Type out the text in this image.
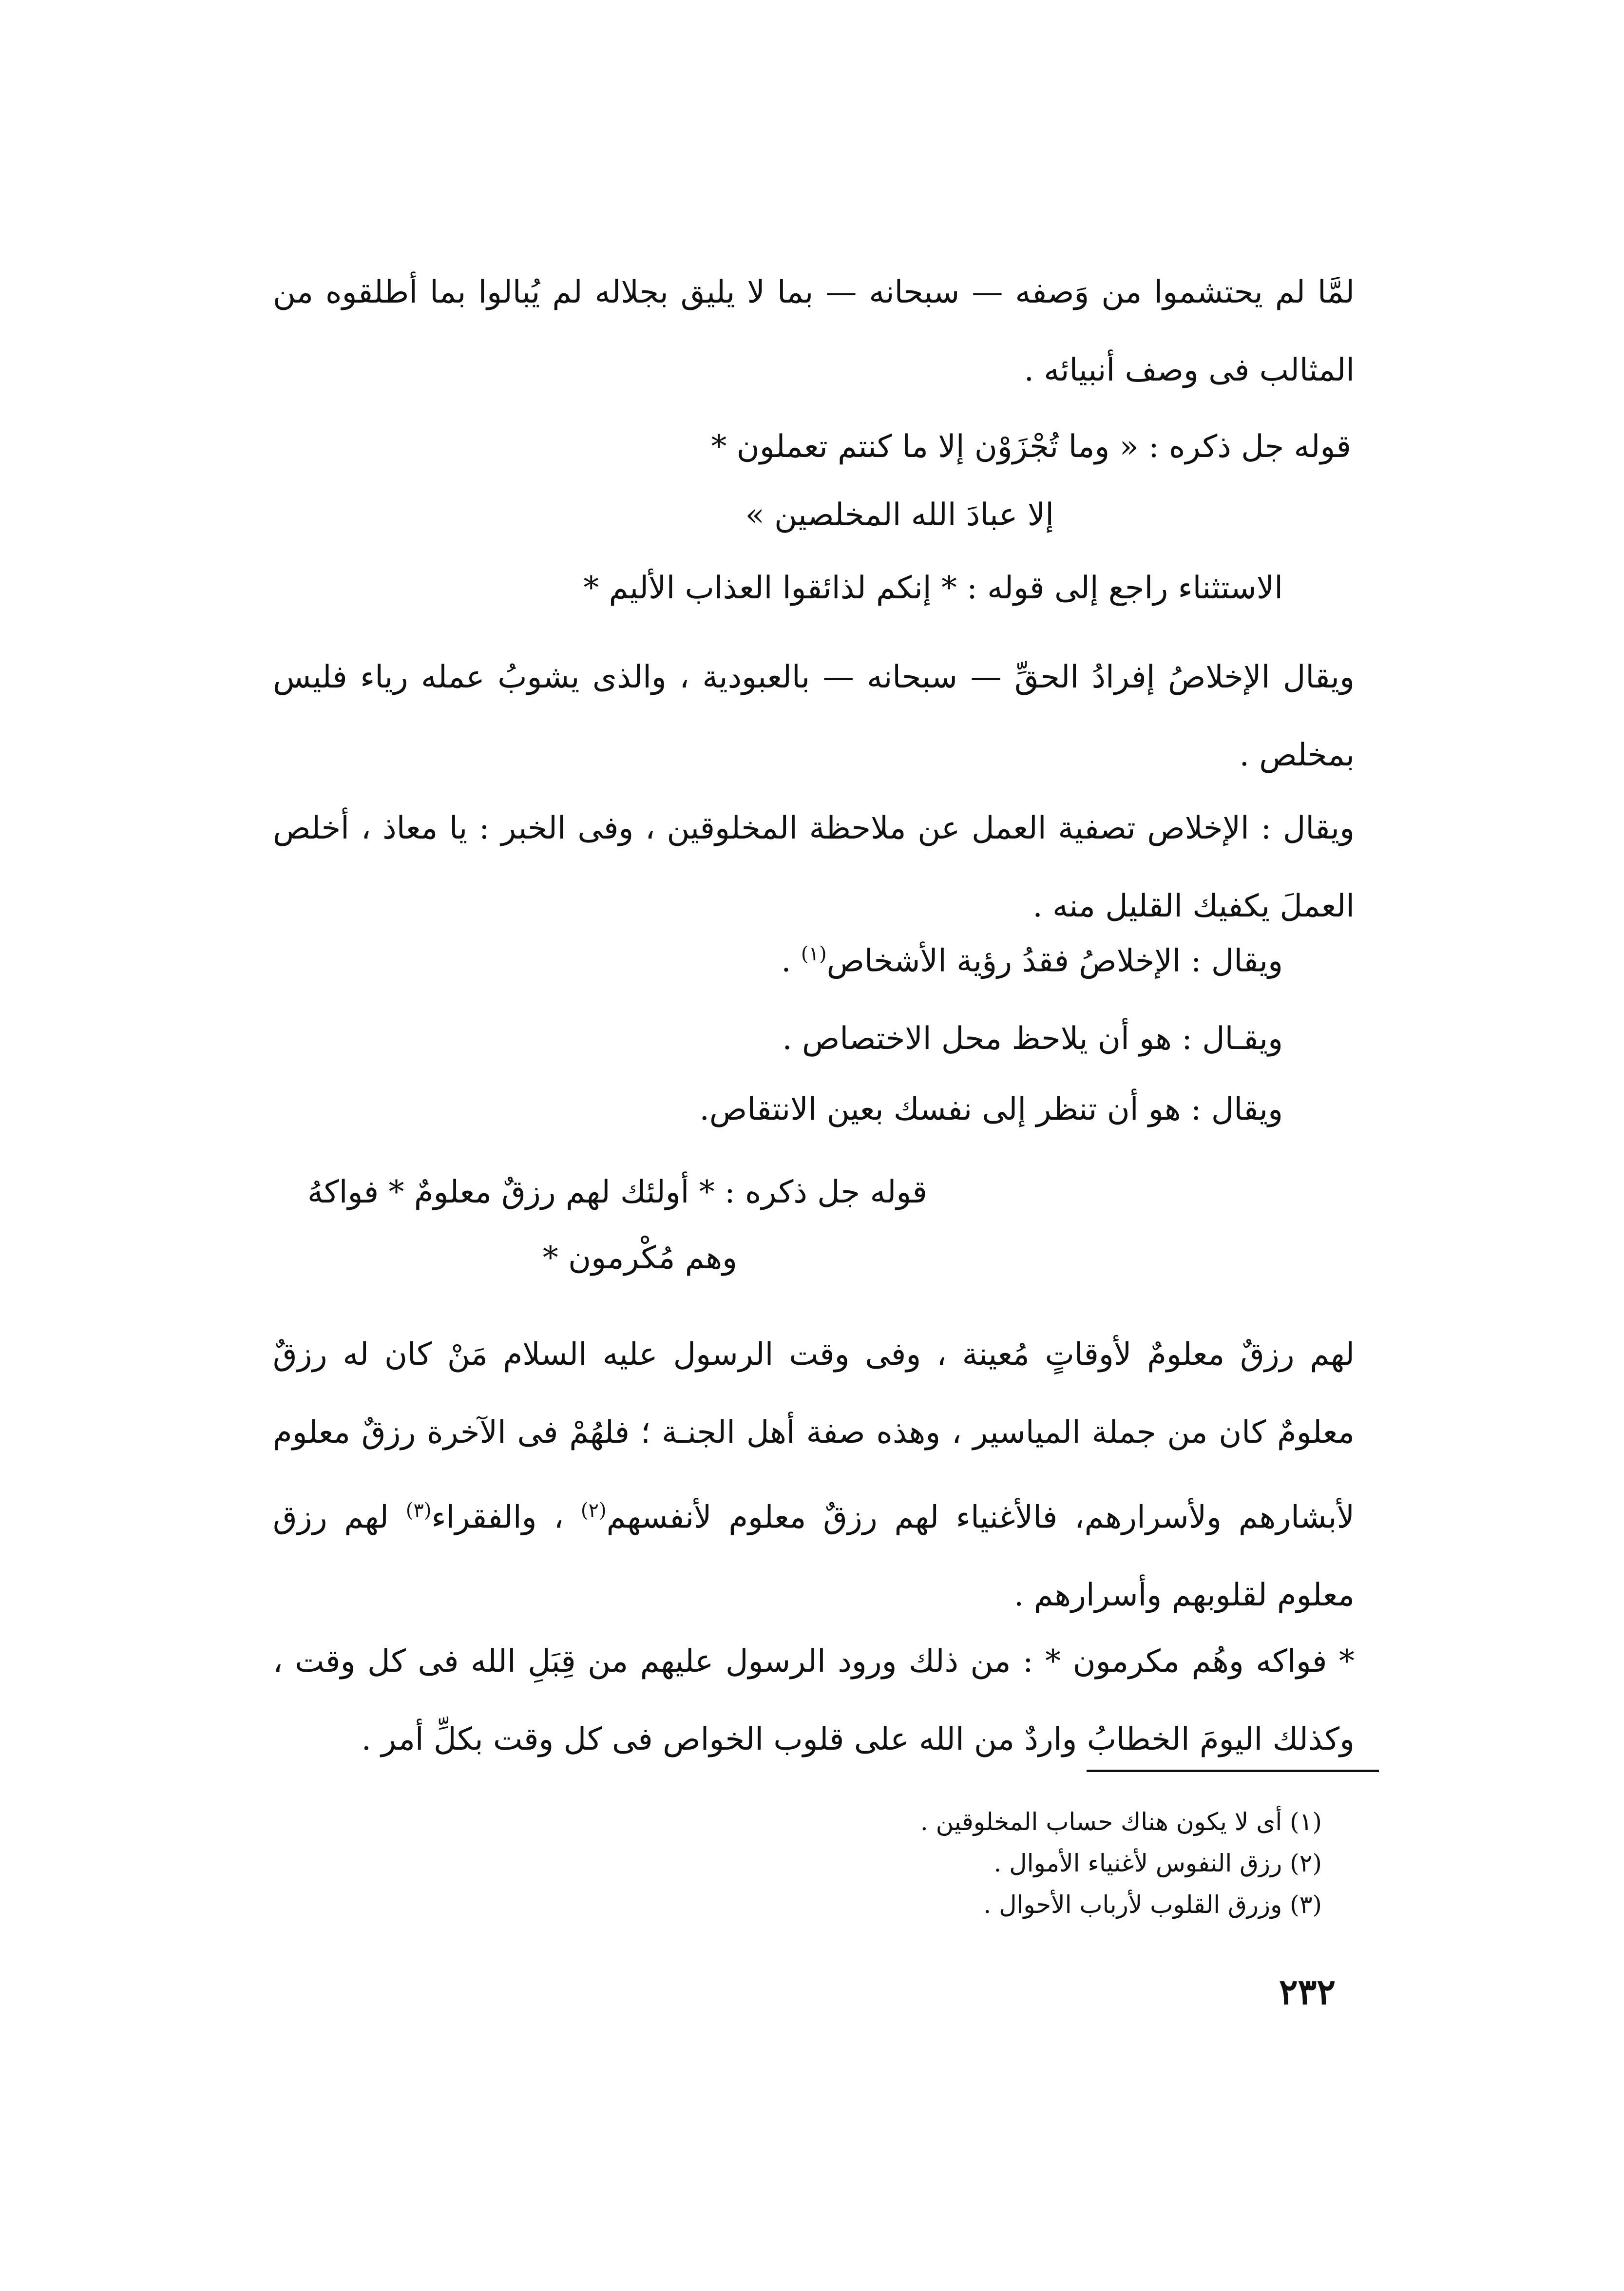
لمَّا لم يحتشموا من وَصفه — سبحانه — بما لا يليق بجلاله لم يُبالوا بما أطلقوه من المثالب فى وصف أنبيائه .
قوله جل ذكره : « وما تُجْزَوْن إلا ما كنتم تعملون *
إلا عبادَ الله المخلصين »
الاستثناء راجع إلى قوله : * إنكم لذائقوا العذاب الأليم *
ويقال الإخلاصُ إفرادُ الحقِّ — سبحانه — بالعبودية ، والذى يشوبُ عمله رياء فليس بمخلص .
ويقال : الإخلاص تصفية العمل عن ملاحظة المخلوقين ، وفى الخبر : يا معاذ ، أخلص العملَ يكفيك القليل منه .
ويقال : الإخلاصُ فقدُ رؤية الأشخاص$^{(١)}$ .
ويقـال : هو أن يلاحظ محل الاختصاص .
ويقال : هو أن تنظر إلى نفسك بعين الانتقاص.
قوله جل ذكره : * أولئك لهم رزقٌ معلومٌ * فواكهُ
وهم مُكْرمون *
لهم رزقٌ معلومٌ لأوقاتٍ مُعينة ، وفى وقت الرسول عليه السلام مَنْ كان له رزقٌ معلومٌ كان من جملة المياسير ، وهذه صفة أهل الجنـة ؛ فلهُمْ فى الآخرة رزقٌ معلوم لأبشارهم ولأسرارهم، فالأغنياء لهم رزقٌ معلوم لأنفسهم$^{(٢)}$ ، والفقراء$^{(٣)}$ لهم رزق معلوم لقلوبهم وأسرارهم .
* فواكه وهُم مكرمون * : من ذلك ورود الرسول عليهم من قِبَلِ الله فى كل وقت ، وكذلك اليومَ الخطابُ واردٌ من الله على قلوب الخواص فى كل وقت بكلِّ أمر .
(١) أى لا يكون هناك حساب المخلوقين .
(٢) رزق النفوس لأغنياء الأموال .
(٣) وزرق القلوب لأرباب الأحوال .
٢٣٢
